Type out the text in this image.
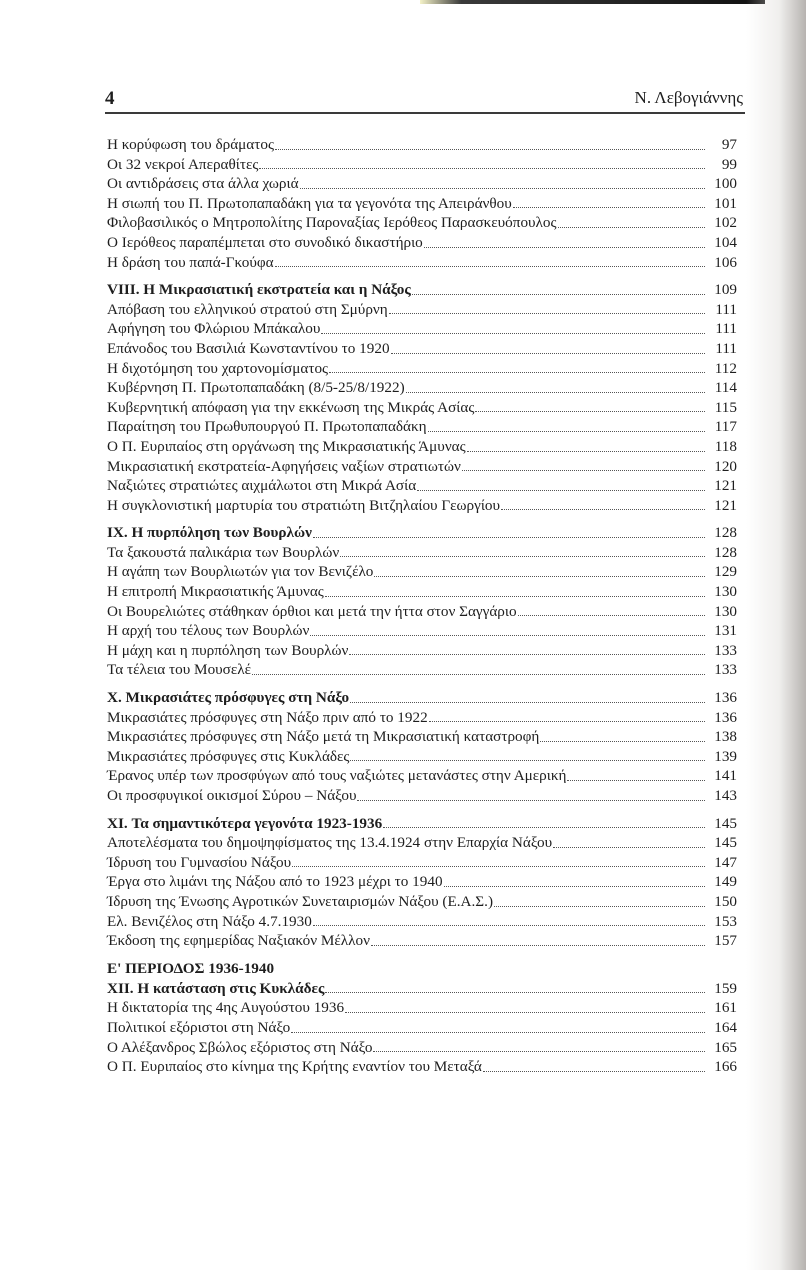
4	Ν. Λεβογιάννης
Η κορύφωση του δράματος	97
Οι 32 νεκροί Απεραθίτες	99
Οι αντιδράσεις στα άλλα χωριά	100
Η σιωπή του Π. Πρωτοπαπαδάκη για τα γεγονότα της Απειράνθου	101
Φιλοβασιλικός ο Μητροπολίτης Παροναξίας Ιερόθεος Παρασκευόπουλος	102
Ο Ιερόθεος παραπέμπεται στο συνοδικό δικαστήριο	104
Η δράση του παπά-Γκούφα	106
VIII. Η Μικρασιατική εκστρατεία και η Νάξος	109
Απόβαση του ελληνικού στρατού στη Σμύρνη	111
Αφήγηση του Φλώριου Μπάκαλου	111
Επάνοδος του Βασιλιά Κωνσταντίνου το 1920	111
Η διχοτόμηση του χαρτονομίσματος	112
Κυβέρνηση Π. Πρωτοπαπαδάκη (8/5-25/8/1922)	114
Κυβερνητική απόφαση για την εκκένωση της Μικράς Ασίας	115
Παραίτηση του Πρωθυπουργού Π. Πρωτοπαπαδάκη	117
Ο Π. Ευριπαίος στη οργάνωση της Μικρασιατικής Άμυνας	118
Μικρασιατική εκστρατεία-Αφηγήσεις ναξίων στρατιωτών	120
Ναξιώτες στρατιώτες αιχμάλωτοι στη Μικρά Ασία	121
Η συγκλονιστική μαρτυρία του στρατιώτη Βιτζηλαίου Γεωργίου	121
IX. Η πυρπόληση των Βουρλών	128
Τα ξακουστά παλικάρια των Βουρλών	128
Η αγάπη των Βουρλιωτών για τον Βενιζέλο	129
Η επιτροπή Μικρασιατικής Άμυνας	130
Οι Βουρελιώτες στάθηκαν όρθιοι και μετά την ήττα στον Σαγγάριο	130
Η αρχή του τέλους των Βουρλών	131
Η μάχη και η πυρπόληση των Βουρλών	133
Τα τέλεια του Μουσελέ	133
X. Μικρασιάτες πρόσφυγες στη Νάξο	136
Μικρασιάτες πρόσφυγες στη Νάξο πριν από το 1922	136
Μικρασιάτες πρόσφυγες στη Νάξο μετά τη Μικρασιατική καταστροφή	138
Μικρασιάτες πρόσφυγες στις Κυκλάδες	139
Έρανος υπέρ των προσφύγων από τους ναξιώτες μετανάστες στην Αμερική	141
Οι προσφυγικοί οικισμοί Σύρου – Νάξου	143
XI. Τα σημαντικότερα γεγονότα 1923-1936	145
Αποτελέσματα του δημοψηφίσματος της 13.4.1924 στην Επαρχία Νάξου	145
Ίδρυση του Γυμνασίου Νάξου	147
Έργα στο λιμάνι της Νάξου από το 1923 μέχρι το 1940	149
Ίδρυση της Ένωσης Αγροτικών Συνεταιρισμών Νάξου (Ε.Α.Σ.)	150
Ελ. Βενιζέλος στη Νάξο 4.7.1930	153
Έκδοση της εφημερίδας Ναξιακόν Μέλλον	157
Ε' ΠΕΡΙΟΔΟΣ 1936-1940
XII. Η κατάσταση στις Κυκλάδες	159
Η δικτατορία της 4ης Αυγούστου 1936	161
Πολιτικοί εξόριστοι στη Νάξο	164
Ο Αλέξανδρος Σβώλος εξόριστος στη Νάξο	165
Ο Π. Ευριπαίος στο κίνημα της Κρήτης εναντίον του Μεταξά	166
